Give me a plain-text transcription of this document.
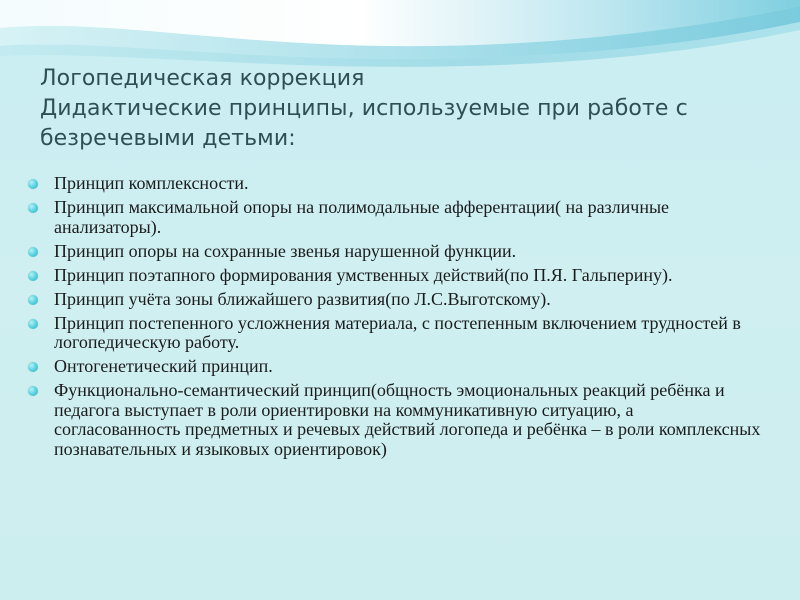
Логопедическая коррекция
Дидактические принципы, используемые при работе с
безречевыми детьми:
Принцип комплексности.
Принцип максимальной опоры на полимодальные афферентации( на различные анализаторы).
Принцип опоры на сохранные звенья нарушенной функции.
Принцип поэтапного формирования умственных действий(по П.Я. Гальперину).
Принцип учёта зоны ближайшего развития(по Л.С.Выготскому).
Принцип постепенного усложнения материала, с постепенным включением трудностей в логопедическую работу.
Онтогенетический принцип.
Функционально-семантический принцип(общность эмоциональных реакций ребёнка и педагога выступает в роли ориентировки на коммуникативную ситуацию, а согласованность предметных и речевых действий логопеда и ребёнка – в роли комплексных познавательных и языковых ориентировок)
